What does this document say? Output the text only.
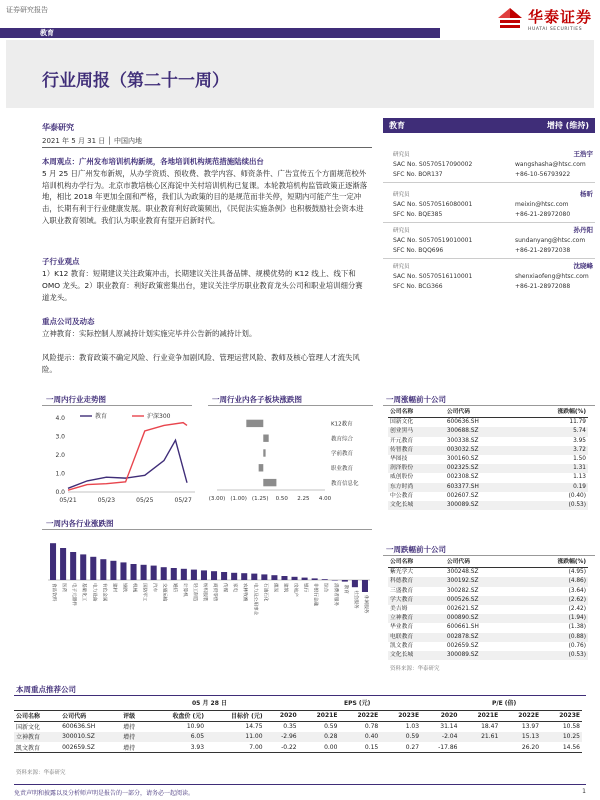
证券研究报告	华泰证券
HUATAI SECURITIES
教育
行业周报（第二十一周）
华泰研究
2021 年 5 月 31 日 │ 中国内地
本周观点：广州发布培训机构新规，各地培训机构规范措施陆续出台
5 月 25 日广州发布新规，从办学资质、预收费、教学内容、师资条件、广告宣传五个方面规范校外培训机构办学行为。北京市教培核心区海淀中关村培训机构已复课。本轮教培机构监管政策正逐渐落地，相比 2018 年更加全面和严格，我们认为政策的目的是规范而非关停，短期内可能产生一定冲击，长期有利于行业健康发展。职业教育利好政策频出，《民促法实施条例》也积极鼓励社会资本进入职业教育领域。我们认为职业教育有望开启新时代。
子行业观点
1）K12 教育：短期建议关注政策冲击，长期建议关注具备品牌、规模优势的 K12 线上、线下和 OMO 龙头。2）职业教育：利好政策密集出台，建议关注学历职业教育龙头公司和职业培训细分赛道龙头。
重点公司及动态
立神教育：实际控制人原减持计划实施完毕并公告新的减持计划。
风险提示：教育政策不确定风险、行业竞争加剧风险、管理运营风险、教师及核心管理人才流失风险。
教育	增持 (维持)
研究员	王浩宇
SAC No. S0570517090002	wangshasha@htsc.com
SFC No. BOR137	+86-10-56793922
研究员	杨昕
SAC No. S0570516080001	meixin@htsc.com
SFC No. BQE385	+86-21-28972080
研究员	孙丹阳
SAC No. S0570519010001	sundanyang@htsc.com
SFC No. BQQ696	+86-21-28972038
研究员	沈晓峰
SAC No. S0570516110001	shenxiaofeng@htsc.com
SFC No. BCG366	+86-21-28972088
一周内行业走势图
0.0
1.0
2.0
3.0
4.0
05/21	05/23	05/25	05/27
教育	沪深300
一周行业内各子板块涨跌图
K12教育
教育综合
学前教育
职业教育
教育信息化
(3.00) (1.00) (1.25) 0.50 2.25 4.00
一周内各行业涨跌图
食品饮料	医药	电子元器件	基础化工	电力设备	有色金属	建材	钢铁	机械	国防军工	汽车	交通运输	通信	计算机	轻工制造	纺织服装	商贸零售	传媒	家电	农林牧渔	电力及公用事业	石油石化	煤炭	建筑	房地产	银行	非银行金融	综合	消费者服务	教育
社会服务	休闲服务
一周涨幅前十公司
公司名称	公司代码	涨跌幅(%)
国新文化	600636.SH	11.79
创业黑马	300688.SZ	5.74
开元教育	300338.SZ	3.95
传智教育	003032.SZ	3.72
华图技	300160.SZ	1.50
润泽股份	002325.SZ	1.31
威创股份	002308.SZ	1.13
东方时尚	603377.SH	0.19
中公教育	002607.SZ	(0.40)
文化长城	300089.SZ	(0.53)
一周跌幅前十公司
公司名称	公司代码	涨跌幅(%)
紫光学大	300248.SZ	(4.95)
科德教育	300192.SZ	(4.86)
三盛教育	300282.SZ	(3.64)
学大教育	000526.SZ	(2.62)
美吉姆	002621.SZ	(2.42)
立神教育	000890.SZ	(1.94)
华业教育	600661.SH	(1.38)
电联教育	002878.SZ	(0.88)
凯文教育	002659.SZ	(0.76)
文化长城	300089.SZ	(0.53)
资料来源：华泰研究
本周重点推荐公司
05 月 28 日	EPS (元)	P/E (倍)
公司名称	公司代码	评级	收盘价 (元)	目标价 (元)	2020	2021E	2022E	2023E	2020	2021E	2022E	2023E
国新文化	600636.SH	增持	10.90	14.75	0.35	0.59	0.78	1.03	31.14	18.47	13.97	10.58
立神教育	300010.SZ	增持	6.05	11.00	-2.96	0.28	0.40	0.59	-2.04	21.61	15.13	10.25
凯文教育	002659.SZ	增持	3.93	7.00	-0.22	0.00	0.15	0.27	-17.86		26.20	14.56
资料来源：华泰研究
免责声明和披露以及分析师声明是报告的一部分，请务必一起阅读。	1
